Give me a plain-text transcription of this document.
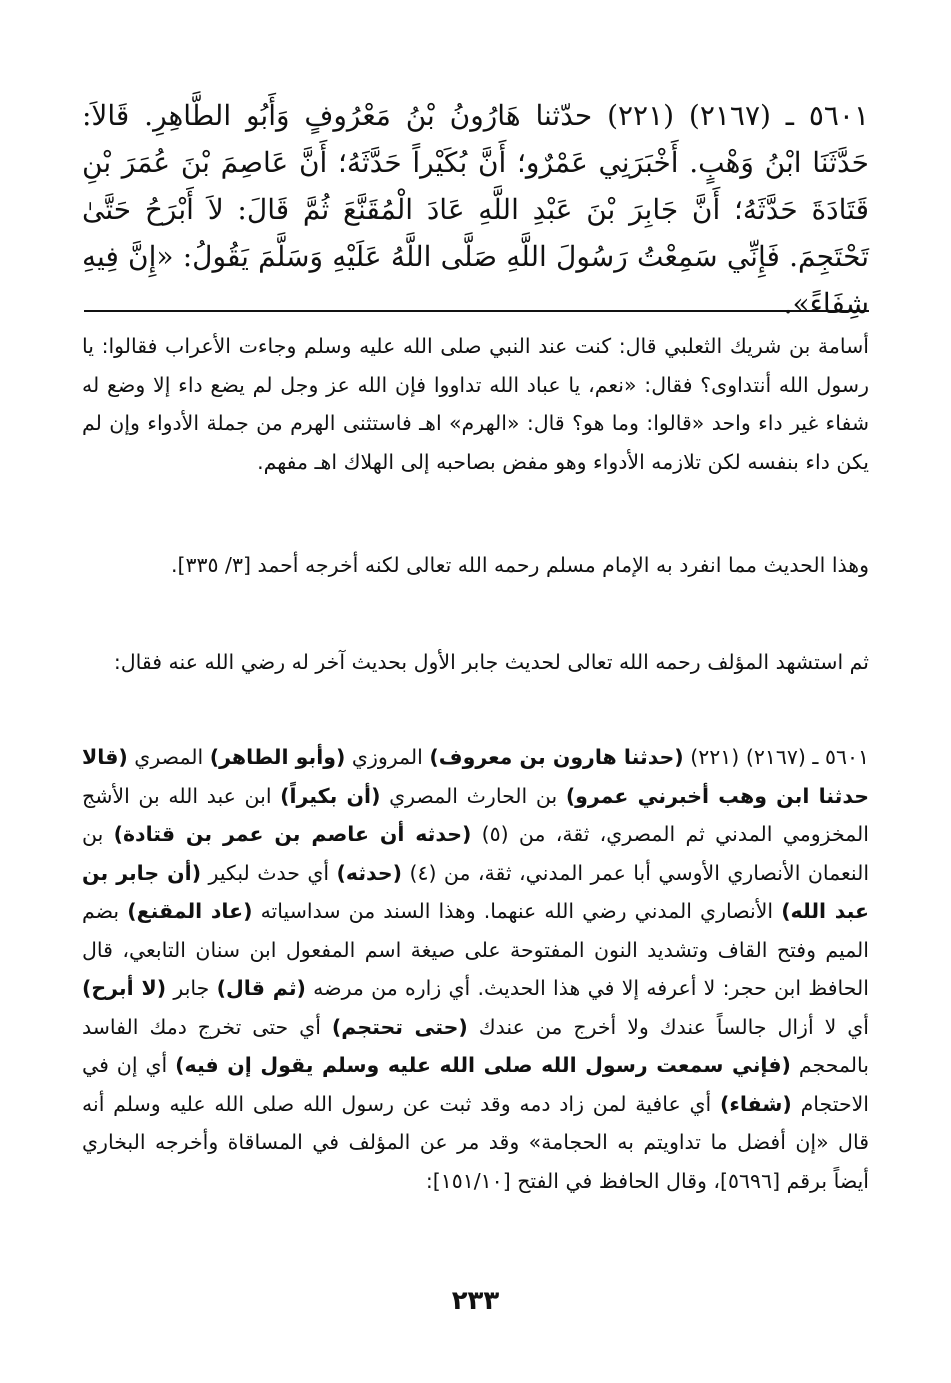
٥٦٠١ ـ (٢١٦٧) (٢٢١) حدّثنا هَارُونُ بْنُ مَعْرُوفٍ وَأَبُو الطَّاهِرِ. قَالاَ: حَدَّثَنَا ابْنُ وَهْبٍ. أَخْبَرَنِي عَمْرٌو؛ أَنَّ بُكَيْراً حَدَّثَهُ؛ أَنَّ عَاصِمَ بْنَ عُمَرَ بْنِ قَتَادَةَ حَدَّثَهُ؛ أَنَّ جَابِرَ بْنَ عَبْدِ اللَّهِ عَادَ الْمُقَنَّعَ ثُمَّ قَالَ: لاَ أَبْرَحُ حَتَّىٰ تَحْتَجِمَ. فَإِنِّي سَمِعْتُ رَسُولَ اللَّهِ صَلَّى اللَّهُ عَلَيْهِ وَسَلَّمَ يَقُولُ: «إِنَّ فِيهِ شِفَاءً».

أسامة بن شريك الثعلبي قال: كنت عند النبي صلى الله عليه وسلم وجاءت الأعراب فقالوا: يا رسول الله أنتداوى؟ فقال: «نعم، يا عباد الله تداووا فإن الله عز وجل لم يضع داء إلا وضع له شفاء غير داء واحد «قالوا: وما هو؟ قال: «الهرم» اهـ فاستثنى الهرم من جملة الأدواء وإن لم يكن داء بنفسه لكن تلازمه الأدواء وهو مفض بصاحبه إلى الهلاك اهـ مفهم.

وهذا الحديث مما انفرد به الإمام مسلم رحمه الله تعالى لكنه أخرجه أحمد [٣/ ٣٣٥].

ثم استشهد المؤلف رحمه الله تعالى لحديث جابر الأول بحديث آخر له رضي الله عنه فقال:

٥٦٠١ ـ (٢١٦٧) (٢٢١) (حدثنا هارون بن معروف) المروزي (وأبو الطاهر) المصري (قالا حدثنا ابن وهب أخبرني عمرو) بن الحارث المصري (أن بكيراً) ابن عبد الله بن الأشج المخزومي المدني ثم المصري، ثقة، من (٥) (حدثه أن عاصم بن عمر بن قتادة) بن النعمان الأنصاري الأوسي أبا عمر المدني، ثقة، من (٤) (حدثه) أي حدث لبكير (أن جابر بن عبد الله) الأنصاري المدني رضي الله عنهما. وهذا السند من سداسياته (عاد المقنع) بضم الميم وفتح القاف وتشديد النون المفتوحة على صيغة اسم المفعول ابن سنان التابعي، قال الحافظ ابن حجر: لا أعرفه إلا في هذا الحديث. أي زاره من مرضه (ثم قال) جابر (لا أبرح) أي لا أزال جالساً عندك ولا أخرج من عندك (حتى تحتجم) أي حتى تخرج دمك الفاسد بالمحجم (فإني سمعت رسول الله صلى الله عليه وسلم يقول إن فيه) أي إن في الاحتجام (شفاء) أي عافية لمن زاد دمه وقد ثبت عن رسول الله صلى الله عليه وسلم أنه قال «إن أفضل ما تداويتم به الحجامة» وقد مر عن المؤلف في المساقاة وأخرجه البخاري أيضاً برقم [٥٦٩٦]، وقال الحافظ في الفتح [١٥١/١٠]:

٢٣٣
